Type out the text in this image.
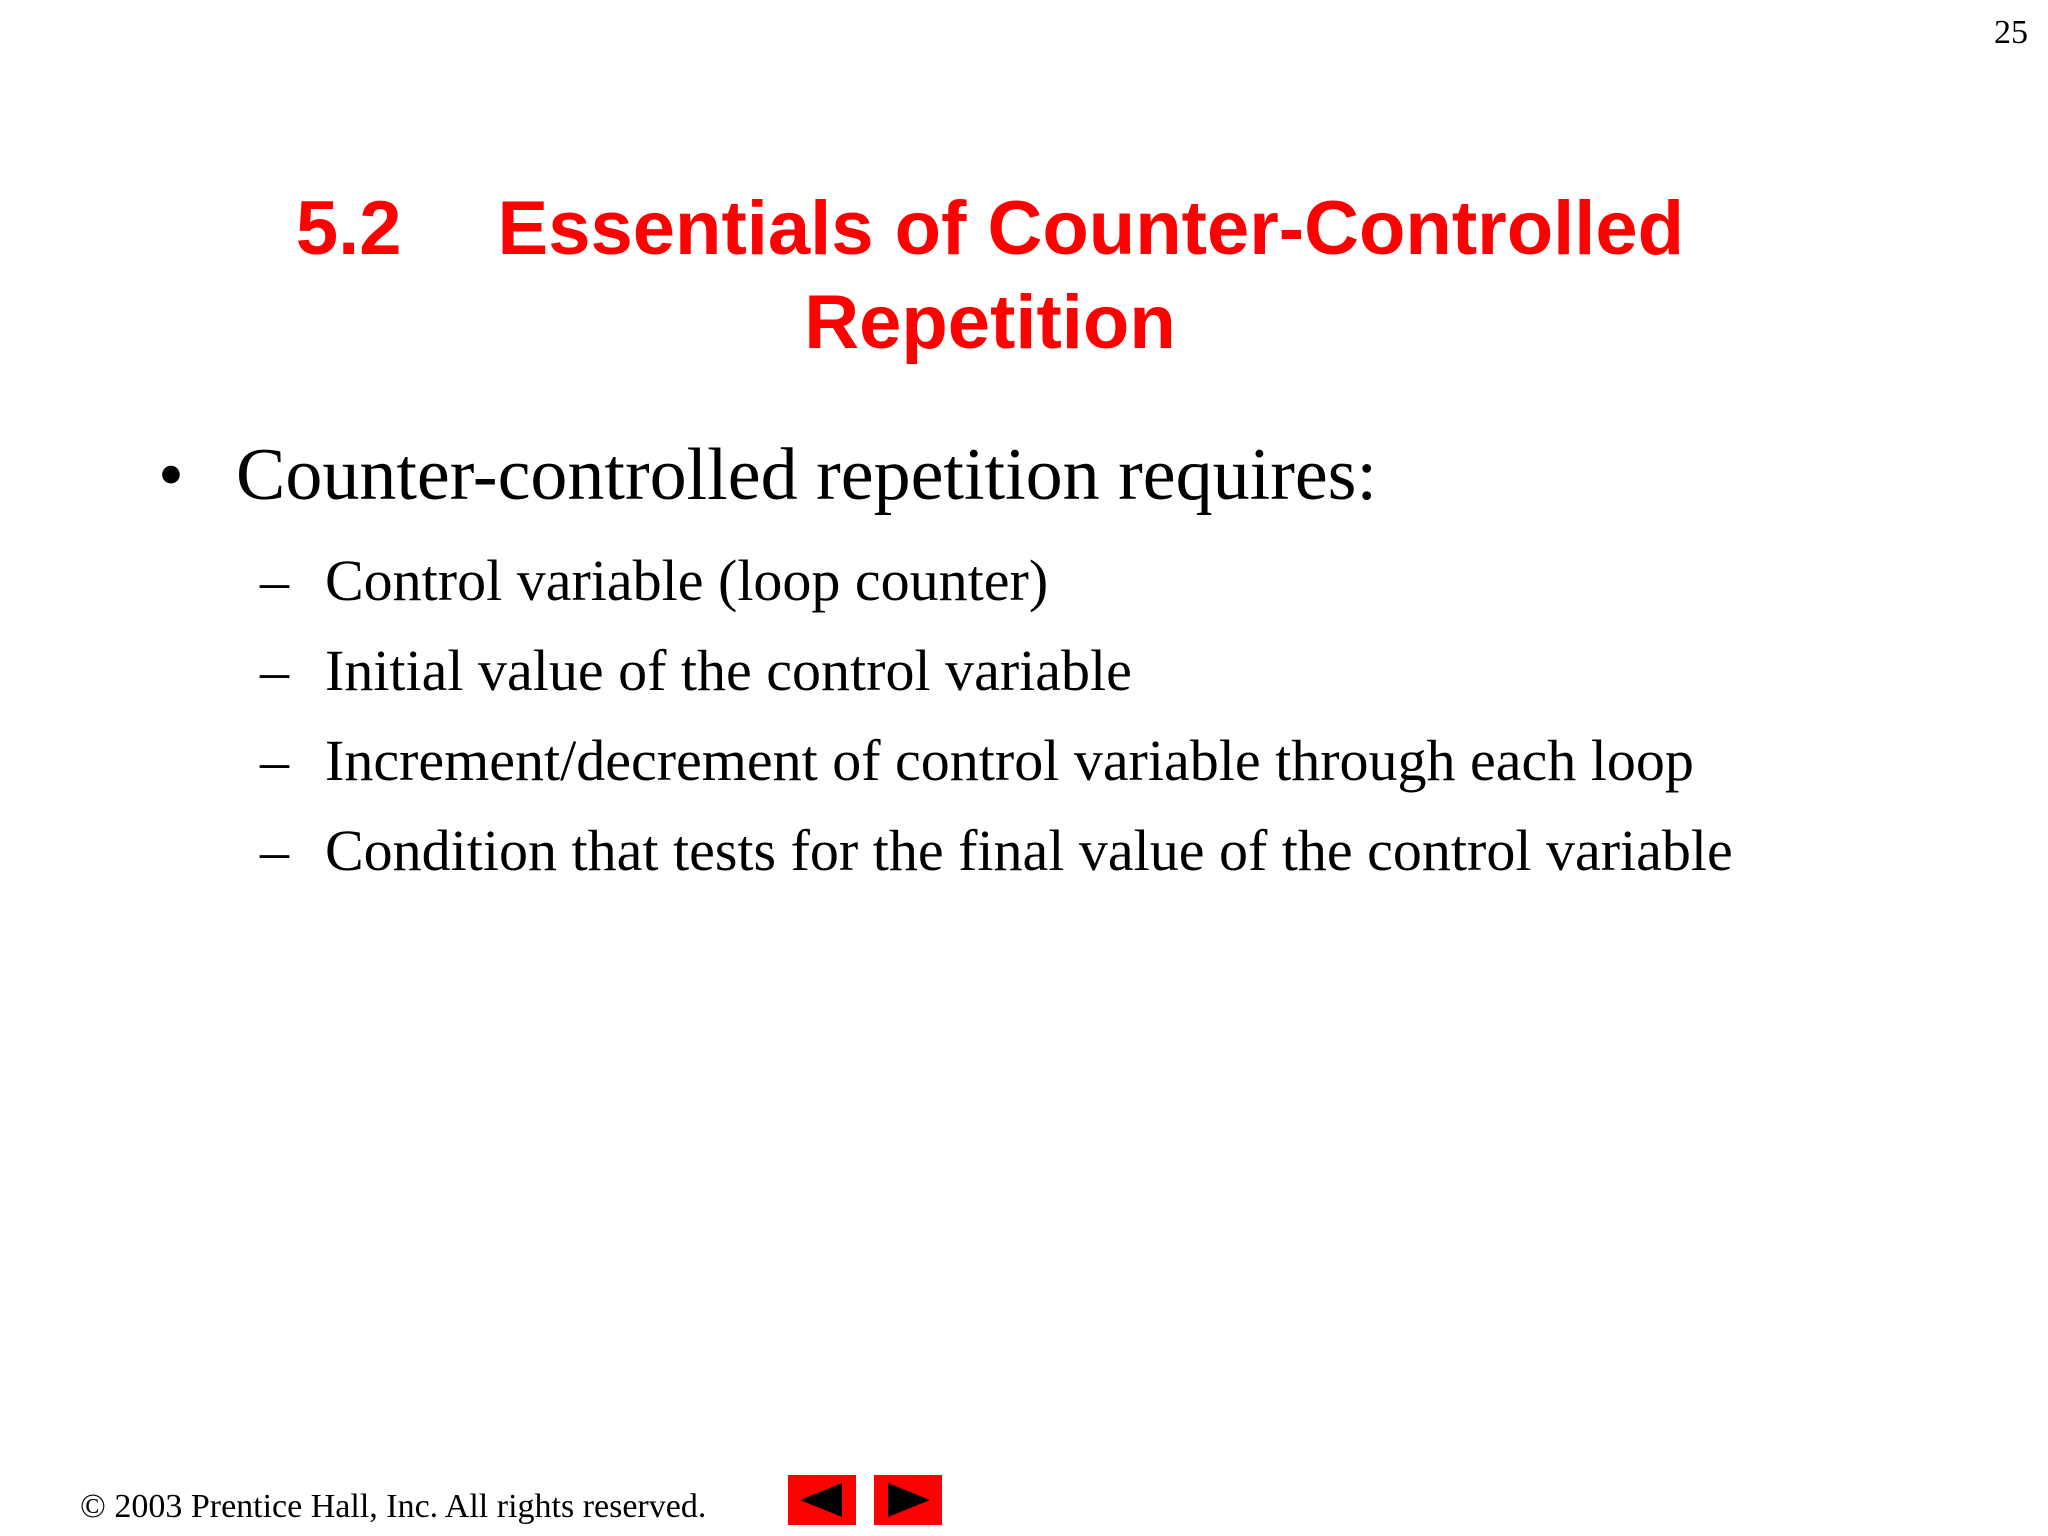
25
5.2 Essentials of Counter-Controlled
Repetition
• Counter-controlled repetition requires:
– Control variable (loop counter)
– Initial value of the control variable
– Increment/decrement of control variable through each loop
– Condition that tests for the final value of the control variable
© 2003 Prentice Hall, Inc. All rights reserved.
